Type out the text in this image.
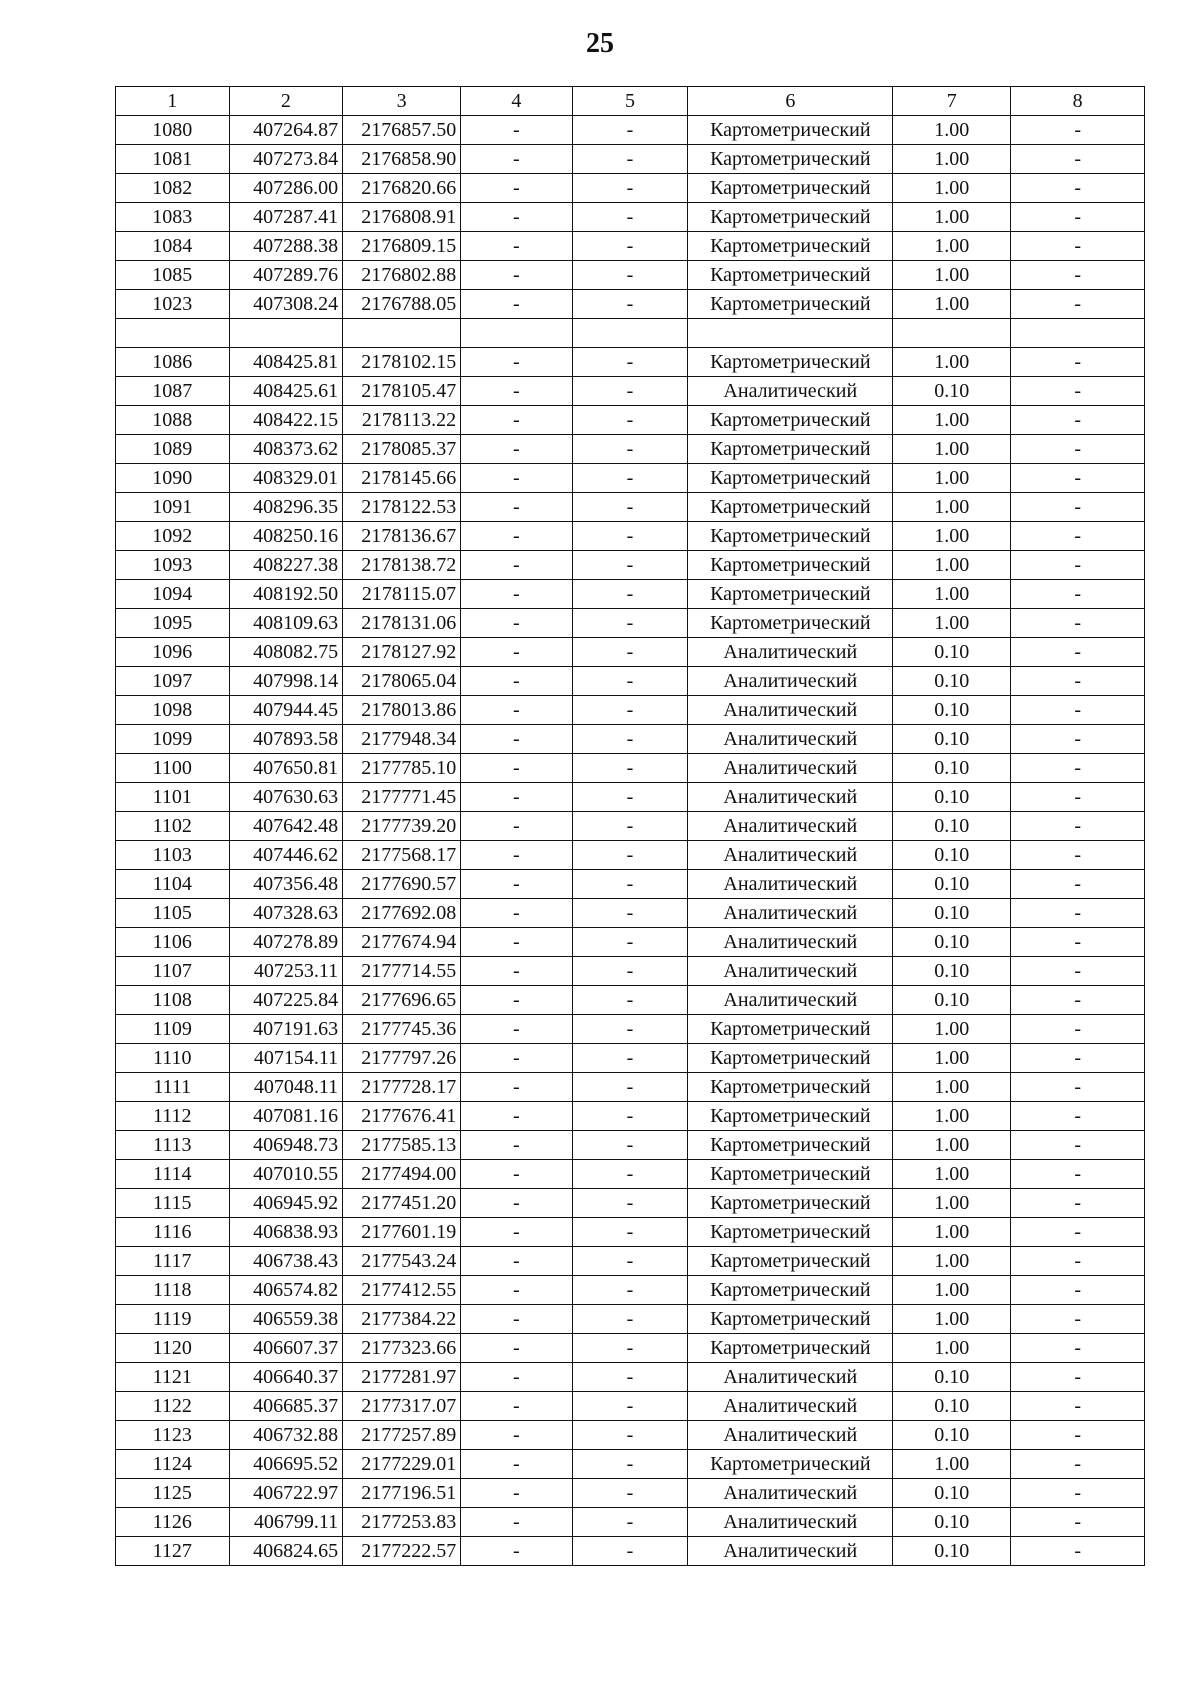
25
1	2	3	4	5	6	7	8
1080	407264.87	2176857.50	-	-	Картометрический	1.00	-
1081	407273.84	2176858.90	-	-	Картометрический	1.00	-
1082	407286.00	2176820.66	-	-	Картометрический	1.00	-
1083	407287.41	2176808.91	-	-	Картометрический	1.00	-
1084	407288.38	2176809.15	-	-	Картометрический	1.00	-
1085	407289.76	2176802.88	-	-	Картометрический	1.00	-
1023	407308.24	2176788.05	-	-	Картометрический	1.00	-

1086	408425.81	2178102.15	-	-	Картометрический	1.00	-
1087	408425.61	2178105.47	-	-	Аналитический	0.10	-
1088	408422.15	2178113.22	-	-	Картометрический	1.00	-
1089	408373.62	2178085.37	-	-	Картометрический	1.00	-
1090	408329.01	2178145.66	-	-	Картометрический	1.00	-
1091	408296.35	2178122.53	-	-	Картометрический	1.00	-
1092	408250.16	2178136.67	-	-	Картометрический	1.00	-
1093	408227.38	2178138.72	-	-	Картометрический	1.00	-
1094	408192.50	2178115.07	-	-	Картометрический	1.00	-
1095	408109.63	2178131.06	-	-	Картометрический	1.00	-
1096	408082.75	2178127.92	-	-	Аналитический	0.10	-
1097	407998.14	2178065.04	-	-	Аналитический	0.10	-
1098	407944.45	2178013.86	-	-	Аналитический	0.10	-
1099	407893.58	2177948.34	-	-	Аналитический	0.10	-
1100	407650.81	2177785.10	-	-	Аналитический	0.10	-
1101	407630.63	2177771.45	-	-	Аналитический	0.10	-
1102	407642.48	2177739.20	-	-	Аналитический	0.10	-
1103	407446.62	2177568.17	-	-	Аналитический	0.10	-
1104	407356.48	2177690.57	-	-	Аналитический	0.10	-
1105	407328.63	2177692.08	-	-	Аналитический	0.10	-
1106	407278.89	2177674.94	-	-	Аналитический	0.10	-
1107	407253.11	2177714.55	-	-	Аналитический	0.10	-
1108	407225.84	2177696.65	-	-	Аналитический	0.10	-
1109	407191.63	2177745.36	-	-	Картометрический	1.00	-
1110	407154.11	2177797.26	-	-	Картометрический	1.00	-
1111	407048.11	2177728.17	-	-	Картометрический	1.00	-
1112	407081.16	2177676.41	-	-	Картометрический	1.00	-
1113	406948.73	2177585.13	-	-	Картометрический	1.00	-
1114	407010.55	2177494.00	-	-	Картометрический	1.00	-
1115	406945.92	2177451.20	-	-	Картометрический	1.00	-
1116	406838.93	2177601.19	-	-	Картометрический	1.00	-
1117	406738.43	2177543.24	-	-	Картометрический	1.00	-
1118	406574.82	2177412.55	-	-	Картометрический	1.00	-
1119	406559.38	2177384.22	-	-	Картометрический	1.00	-
1120	406607.37	2177323.66	-	-	Картометрический	1.00	-
1121	406640.37	2177281.97	-	-	Аналитический	0.10	-
1122	406685.37	2177317.07	-	-	Аналитический	0.10	-
1123	406732.88	2177257.89	-	-	Аналитический	0.10	-
1124	406695.52	2177229.01	-	-	Картометрический	1.00	-
1125	406722.97	2177196.51	-	-	Аналитический	0.10	-
1126	406799.11	2177253.83	-	-	Аналитический	0.10	-
1127	406824.65	2177222.57	-	-	Аналитический	0.10	-
